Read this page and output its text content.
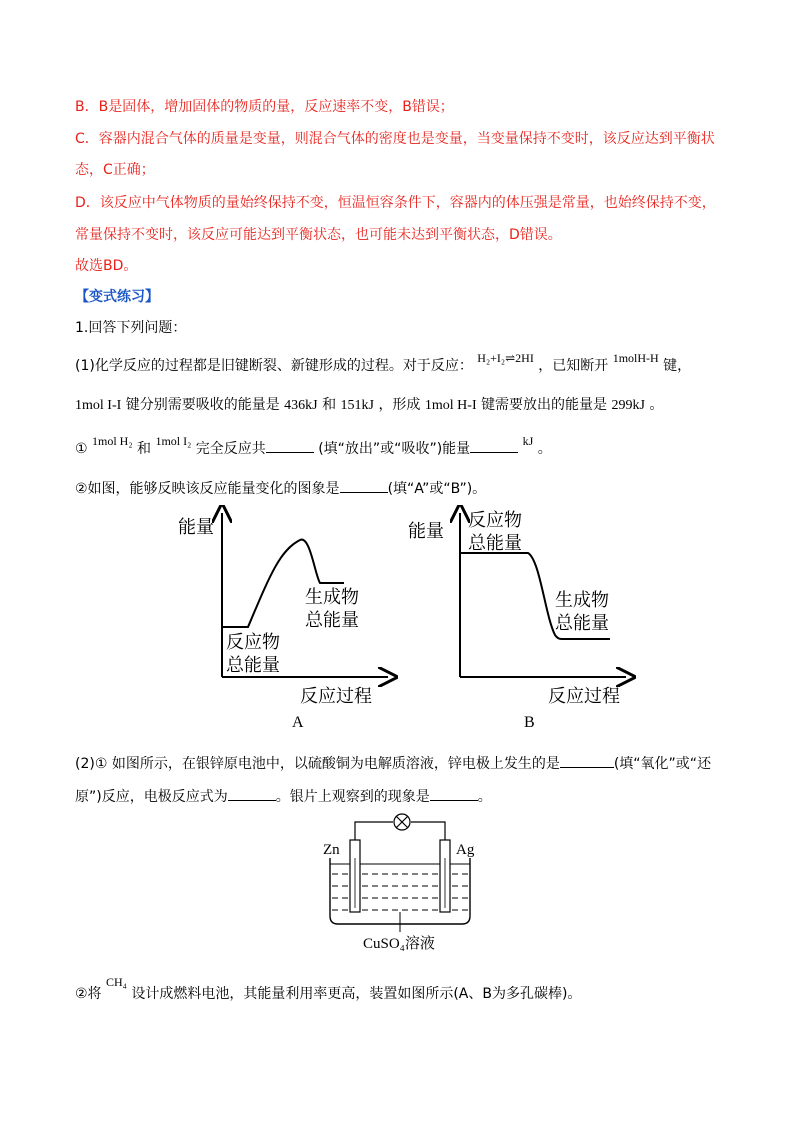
B．B是固体，增加固体的物质的量，反应速率不变，B错误；
C．容器内混合气体的质量是变量，则混合气体的密度也是变量，当变量保持不变时，该反应达到平衡状
态，C正确；
D．该反应中气体物质的量始终保持不变，恒温恒容条件下，容器内的体压强是常量，也始终保持不变，
常量保持不变时，该反应可能达到平衡状态，也可能未达到平衡状态，D错误。
故选BD。
【变式练习】
1.回答下列问题：
(1)化学反应的过程都是旧键断裂、新键形成的过程。对于反应： H₂+I₂⇌2HI ，已知断开 1molH-H 键，
1mol I-I 键分别需要吸收的能量是 436kJ 和 151kJ ，形成 1mol H-I 键需要放出的能量是 299kJ 。
① 1mol H₂ 和 1mol I₂ 完全反应共	(填“放出”或“吸收”)能量	kJ 。
②如图，能够反映该反应能量变化的图象是	(填“A”或“B”)。
能量
生成物
总能量
反应物
总能量
反应过程
A
能量
反应物
总能量
生成物
总能量
反应过程
B
(2)① 如图所示，在银锌原电池中，以硫酸铜为电解质溶液，锌电极上发生的是	(填“氧化”或“还
原”)反应，电极反应式为	。银片上观察到的现象是	。
Zn	Ag
CuSO₄溶液
②将 CH₄ 设计成燃料电池，其能量利用率更高，装置如图所示(A、B为多孔碳棒)。
